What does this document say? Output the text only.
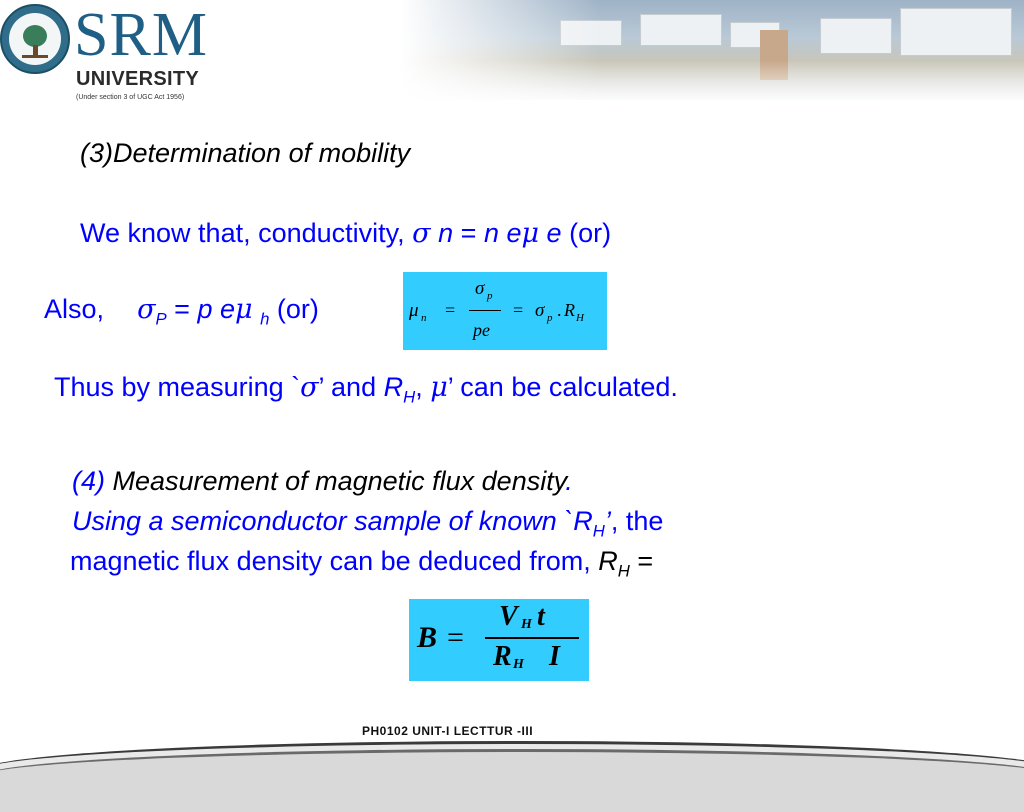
SRM
UNIVERSITY
(Under section 3 of UGC Act 1956)
(3)Determination of mobility
We know that, conductivity, σ n = n eμ e (or)
Also, $\sigma_P = p$ eμ $_h$ (or)	μ n =
σ p
pe
= σ p . R H
Thus by measuring `σ’ and $R_H$, μ’ can be calculated.
(4) Measurement of magnetic flux density.
Using a semiconductor sample of known $`R_H$’, the
magnetic flux density can be deduced from, $R_H$ =
B =
V H t
R H I
PH0102 UNIT-I LECTTUR -III
